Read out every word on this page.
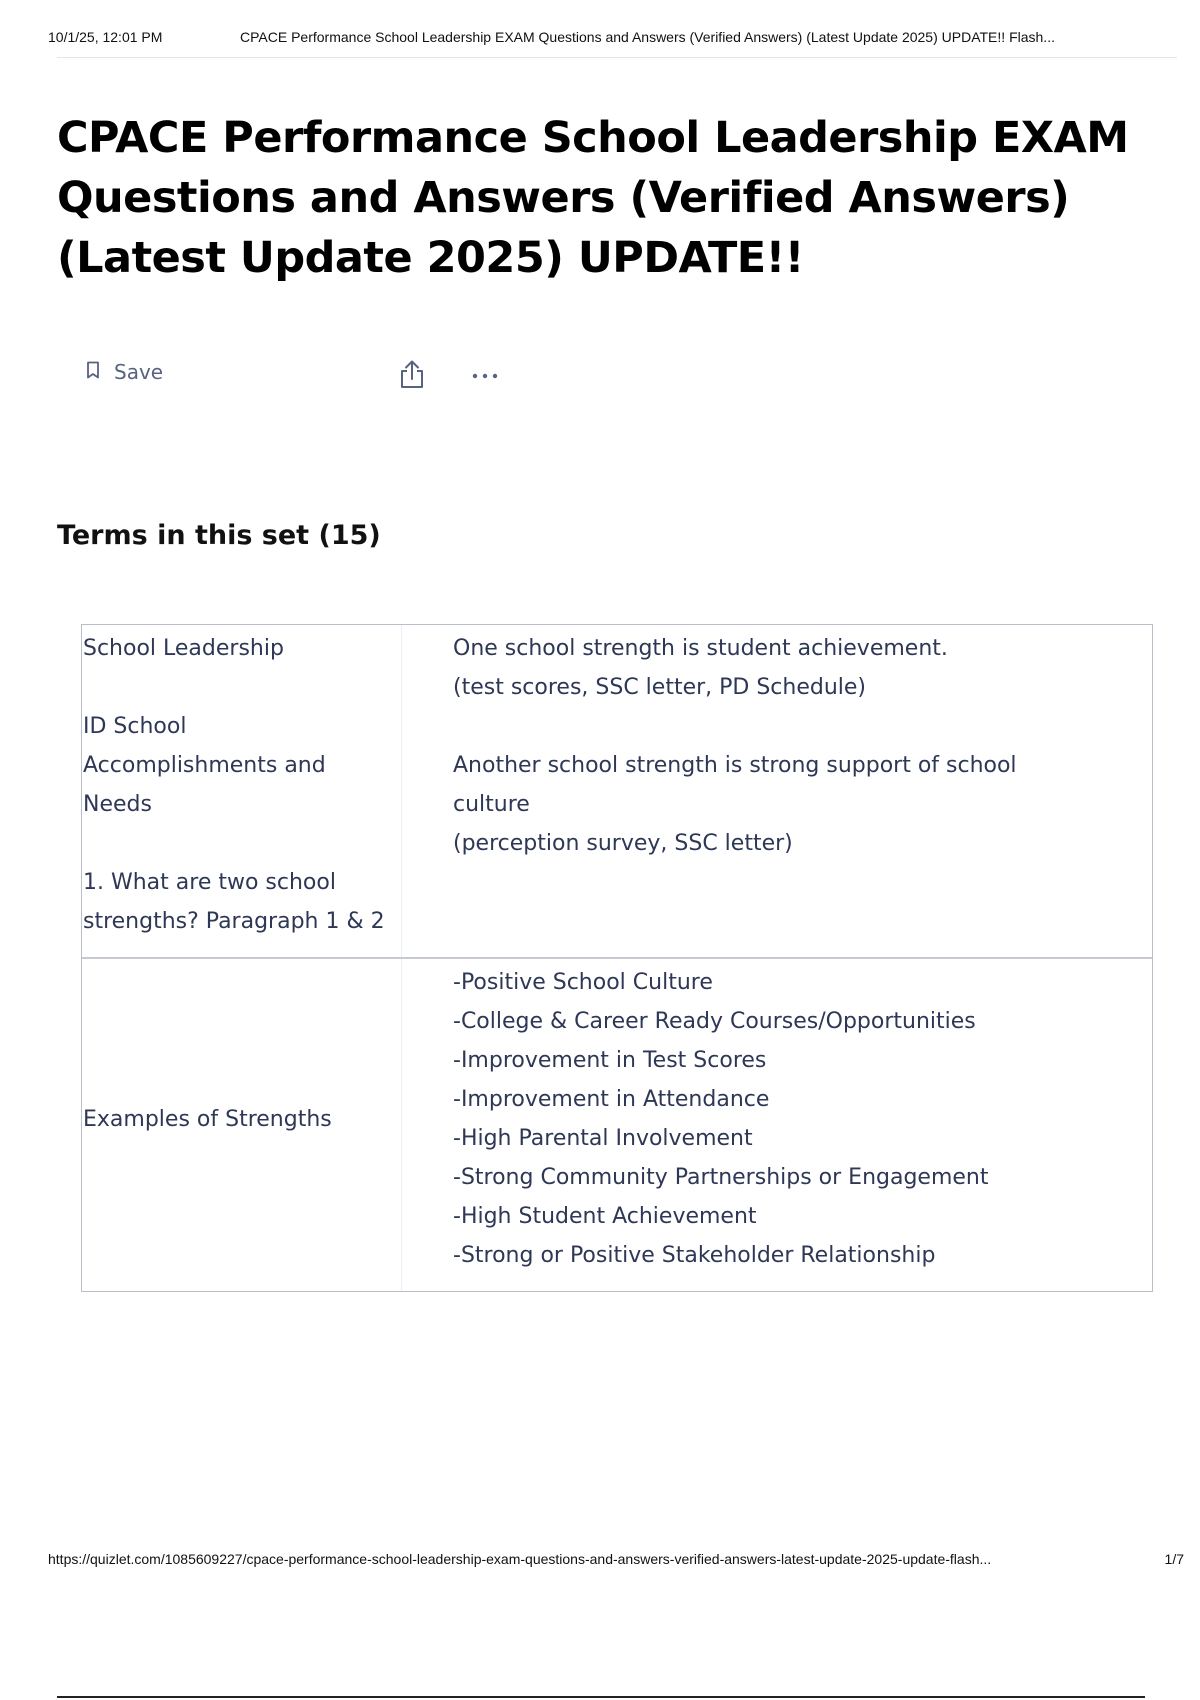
10/1/25, 12:01 PM	CPACE Performance School Leadership EXAM Questions and Answers (Verified Answers) (Latest Update 2025) UPDATE!! Flash...
CPACE Performance School Leadership EXAM Questions and Answers (Verified Answers) (Latest Update 2025) UPDATE!!
Save
Terms in this set (15)
School Leadership

ID School
Accomplishments and
Needs

1. What are two school
strengths? Paragraph 1 & 2
One school strength is student achievement.
(test scores, SSC letter, PD Schedule)

Another school strength is strong support of school
culture
(perception survey, SSC letter)
Examples of Strengths
-Positive School Culture
-College & Career Ready Courses/Opportunities
-Improvement in Test Scores
-Improvement in Attendance
-High Parental Involvement
-Strong Community Partnerships or Engagement
-High Student Achievement
-Strong or Positive Stakeholder Relationship
https://quizlet.com/1085609227/cpace-performance-school-leadership-exam-questions-and-answers-verified-answers-latest-update-2025-update-flash...	1/7
